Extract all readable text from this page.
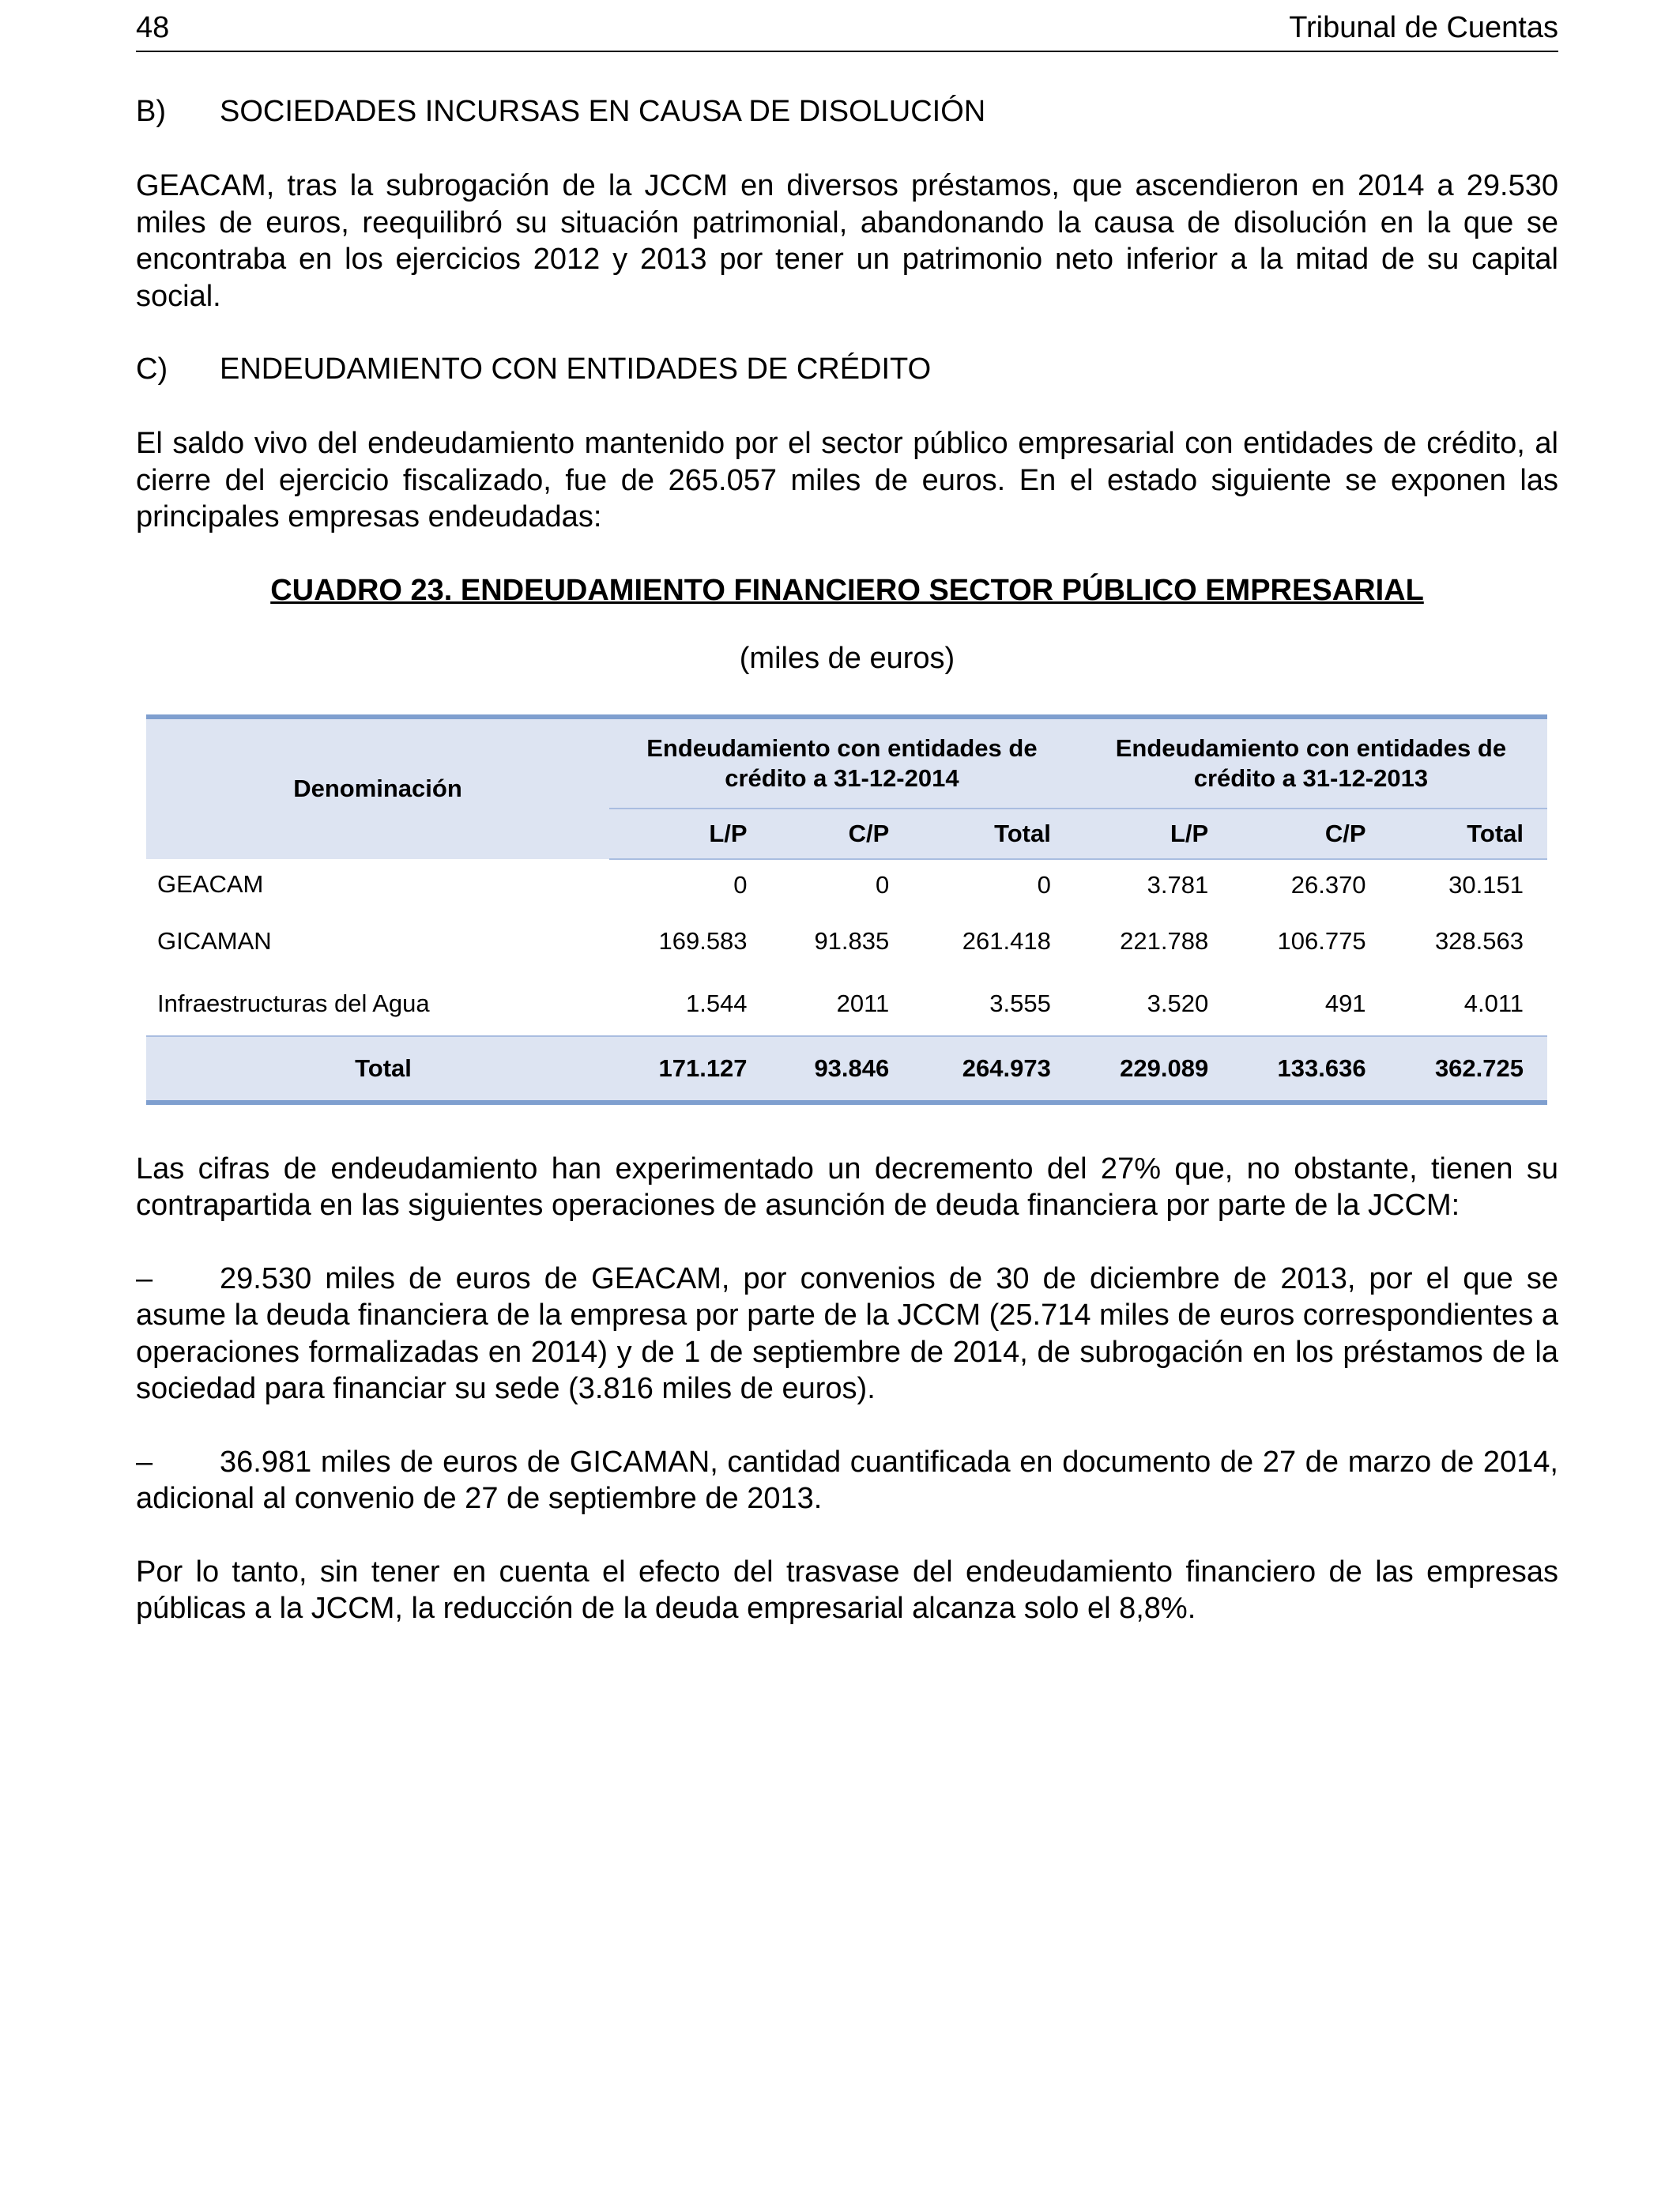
48	Tribunal de Cuentas
B) SOCIEDADES INCURSAS EN CAUSA DE DISOLUCIÓN

GEACAM, tras la subrogación de la JCCM en diversos préstamos, que ascendieron en 2014 a 29.530 miles de euros, reequilibró su situación patrimonial, abandonando la causa de disolución en la que se encontraba en los ejercicios 2012 y 2013 por tener un patrimonio neto inferior a la mitad de su capital social.

C) ENDEUDAMIENTO CON ENTIDADES DE CRÉDITO

El saldo vivo del endeudamiento mantenido por el sector público empresarial con entidades de crédito, al cierre del ejercicio fiscalizado, fue de 265.057 miles de euros. En el estado siguiente se exponen las principales empresas endeudadas:

CUADRO 23. ENDEUDAMIENTO FINANCIERO SECTOR PÚBLICO EMPRESARIAL
(miles de euros)
Denominación	Endeudamiento con entidades de crédito a 31-12-2014			Endeudamiento con entidades de crédito a 31-12-2013		
	L/P	C/P	Total	L/P	C/P	Total
GEACAM	0	0	0	3.781	26.370	30.151
GICAMAN	169.583	91.835	261.418	221.788	106.775	328.563
Infraestructuras del Agua	1.544	2011	3.555	3.520	491	4.011
Total	171.127	93.846	264.973	229.089	133.636	362.725

Las cifras de endeudamiento han experimentado un decremento del 27% que, no obstante, tienen su contrapartida en las siguientes operaciones de asunción de deuda financiera por parte de la JCCM:

– 29.530 miles de euros de GEACAM, por convenios de 30 de diciembre de 2013, por el que se asume la deuda financiera de la empresa por parte de la JCCM (25.714 miles de euros correspondientes a operaciones formalizadas en 2014) y de 1 de septiembre de 2014, de subrogación en los préstamos de la sociedad para financiar su sede (3.816 miles de euros).

– 36.981 miles de euros de GICAMAN, cantidad cuantificada en documento de 27 de marzo de 2014, adicional al convenio de 27 de septiembre de 2013.

Por lo tanto, sin tener en cuenta el efecto del trasvase del endeudamiento financiero de las empresas públicas a la JCCM, la reducción de la deuda empresarial alcanza solo el 8,8%.
